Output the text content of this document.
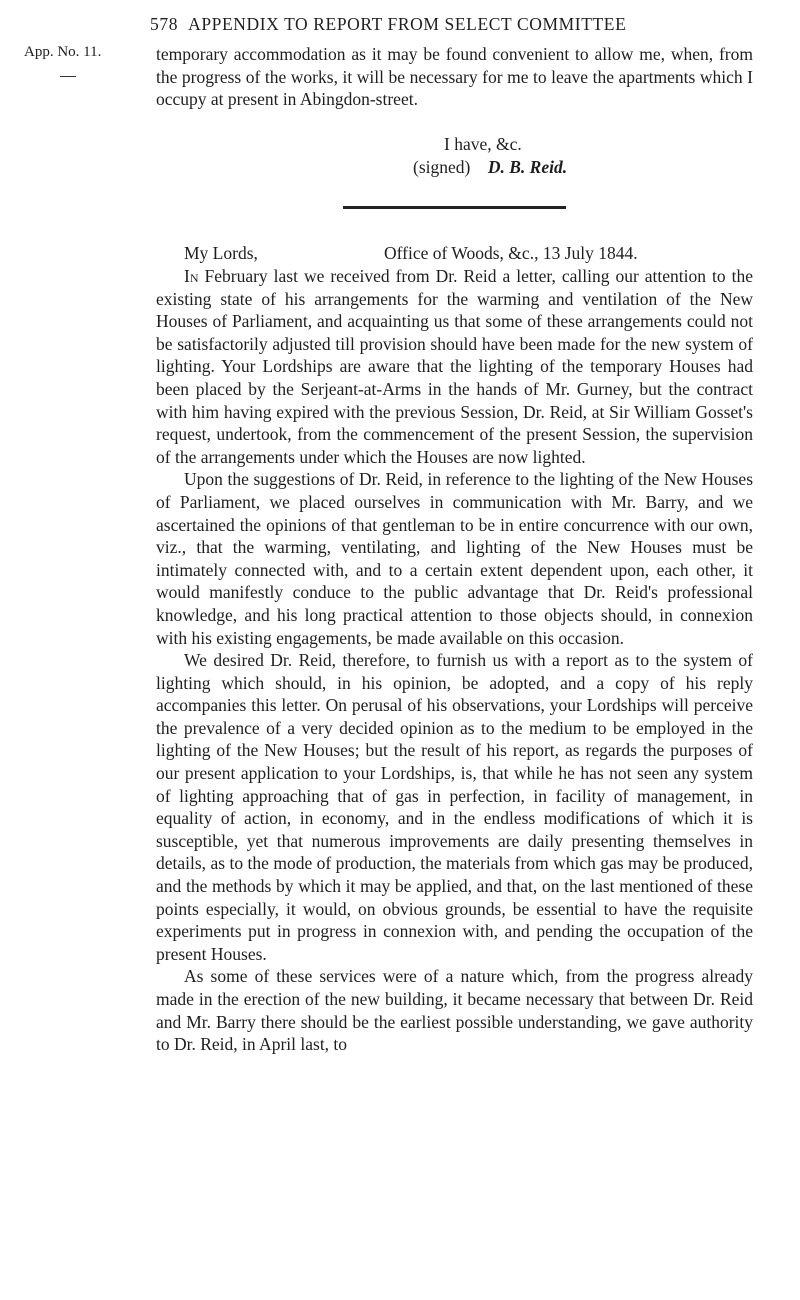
578 APPENDIX TO REPORT FROM SELECT COMMITTEE
App. No. 11.	temporary accommodation as it may be found convenient to allow me, when, from the progress of the works, it will be necessary for me to leave the apartments which I occupy at present in Abingdon-street.
I have, &c.
(signed) D. B. Reid.
My Lords,	Office of Woods, &c., 13 July 1844.

In February last we received from Dr. Reid a letter, calling our attention to the existing state of his arrangements for the warming and ventilation of the New Houses of Parliament, and acquainting us that some of these arrangements could not be satisfactorily adjusted till provision should have been made for the new system of lighting. Your Lordships are aware that the lighting of the temporary Houses had been placed by the Serjeant-at-Arms in the hands of Mr. Gurney, but the contract with him having expired with the previous Session, Dr. Reid, at Sir William Gosset's request, undertook, from the commencement of the present Session, the supervision of the arrangements under which the Houses are now lighted.

Upon the suggestions of Dr. Reid, in reference to the lighting of the New Houses of Parliament, we placed ourselves in communication with Mr. Barry, and we ascertained the opinions of that gentleman to be in entire concurrence with our own, viz., that the warming, ventilating, and lighting of the New Houses must be intimately connected with, and to a certain extent dependent upon, each other, it would manifestly conduce to the public advantage that Dr. Reid's professional knowledge, and his long practical attention to those objects should, in connexion with his existing engagements, be made available on this occasion.

We desired Dr. Reid, therefore, to furnish us with a report as to the system of lighting which should, in his opinion, be adopted, and a copy of his reply accompanies this letter. On perusal of his observations, your Lordships will perceive the prevalence of a very decided opinion as to the medium to be employed in the lighting of the New Houses; but the result of his report, as regards the purposes of our present application to your Lordships, is, that while he has not seen any system of lighting approaching that of gas in perfection, in facility of management, in equality of action, in economy, and in the endless modifications of which it is susceptible, yet that numerous improvements are daily presenting themselves in details, as to the mode of production, the materials from which gas may be produced, and the methods by which it may be applied, and that, on the last mentioned of these points especially, it would, on obvious grounds, be essential to have the requisite experiments put in progress in connexion with, and pending the occupation of the present Houses.

As some of these services were of a nature which, from the progress already made in the erection of the new building, it became necessary that between Dr. Reid and Mr. Barry there should be the earliest possible understanding, we gave authority to Dr. Reid, in April last, to
